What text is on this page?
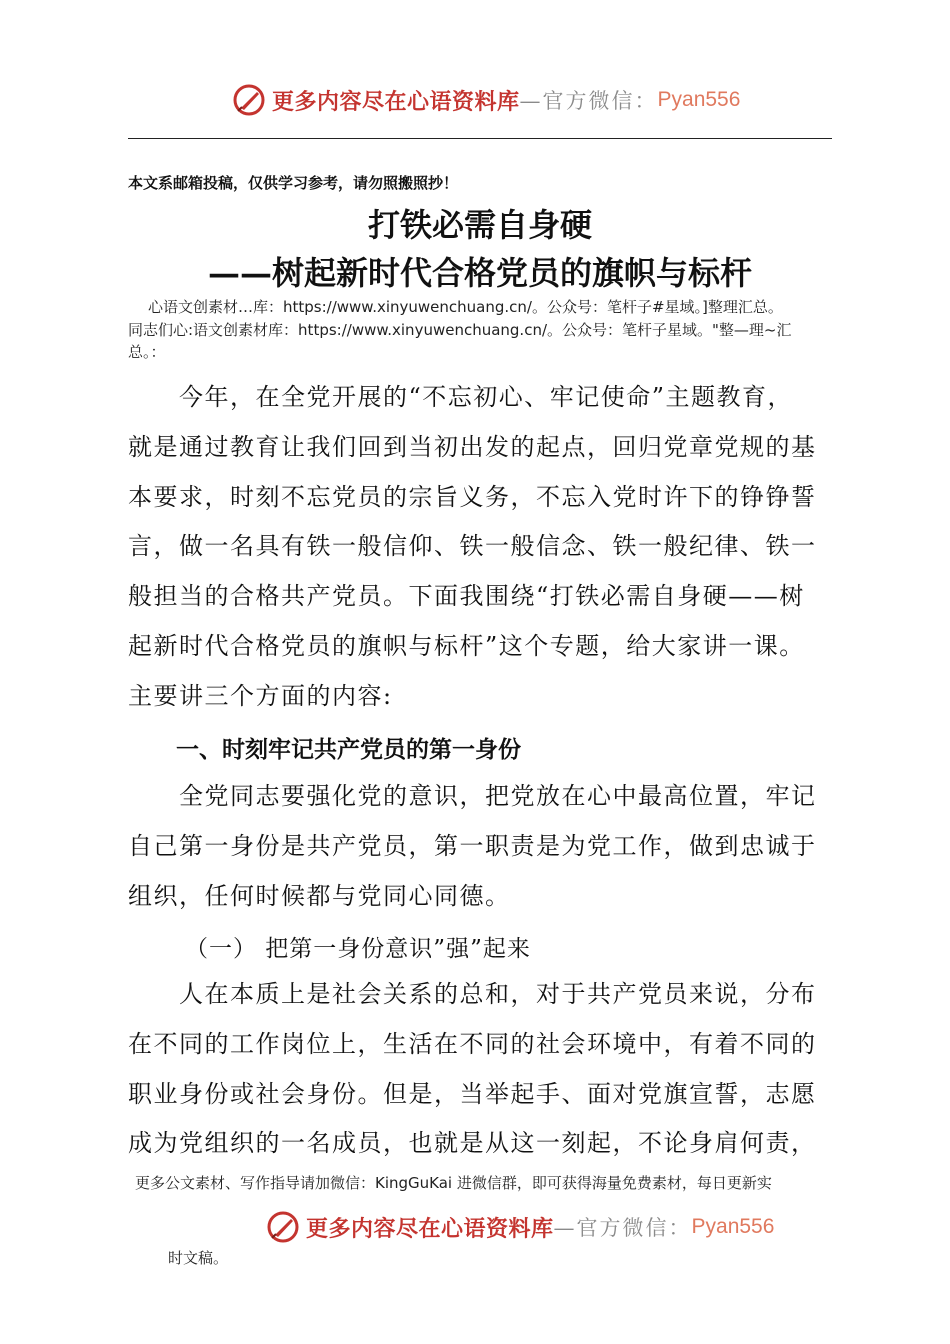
更多内容尽在心语资料库 —官方微信： Pyan556
本文系邮箱投稿，仅供学习参考，请勿照搬照抄！
打铁必需自身硬
——树起新时代合格党员的旗帜与标杆
心语文创素材…库：https://www.xinyuwenchuang.cn/。公众号：笔杆子#星域。]整理汇总。
同志们心:语文创素材库：https://www.xinyuwenchuang.cn/。公众号：笔杆子星域。"整—理~汇
总。：
　　今年，在全党开展的“不忘初心、牢记使命”主题教育，
就是通过教育让我们回到当初出发的起点，回归党章党规的基
本要求，时刻不忘党员的宗旨义务，不忘入党时许下的铮铮誓
言，做一名具有铁一般信仰、铁一般信念、铁一般纪律、铁一
般担当的合格共产党员。下面我围绕“打铁必需自身硬——树
起新时代合格党员的旗帜与标杆”这个专题，给大家讲一课。
主要讲三个方面的内容:
一、时刻牢记共产党员的第一身份
　　全党同志要强化党的意识，把党放在心中最高位置，牢记
自己第一身份是共产党员，第一职责是为党工作，做到忠诚于
组织，任何时候都与党同心同德。
（一） 把第一身份意识”强”起来
　　人在本质上是社会关系的总和，对于共产党员来说，分布
在不同的工作岗位上，生活在不同的社会环境中，有着不同的
职业身份或社会身份。但是，当举起手、面对党旗宣誓，志愿
成为党组织的一名成员，也就是从这一刻起，不论身肩何责，
更多公文素材、写作指导请加微信：KingGuKai 进微信群，即可获得海量免费素材，每日更新实
更多内容尽在心语资料库 —官方微信： Pyan556
时文稿。
